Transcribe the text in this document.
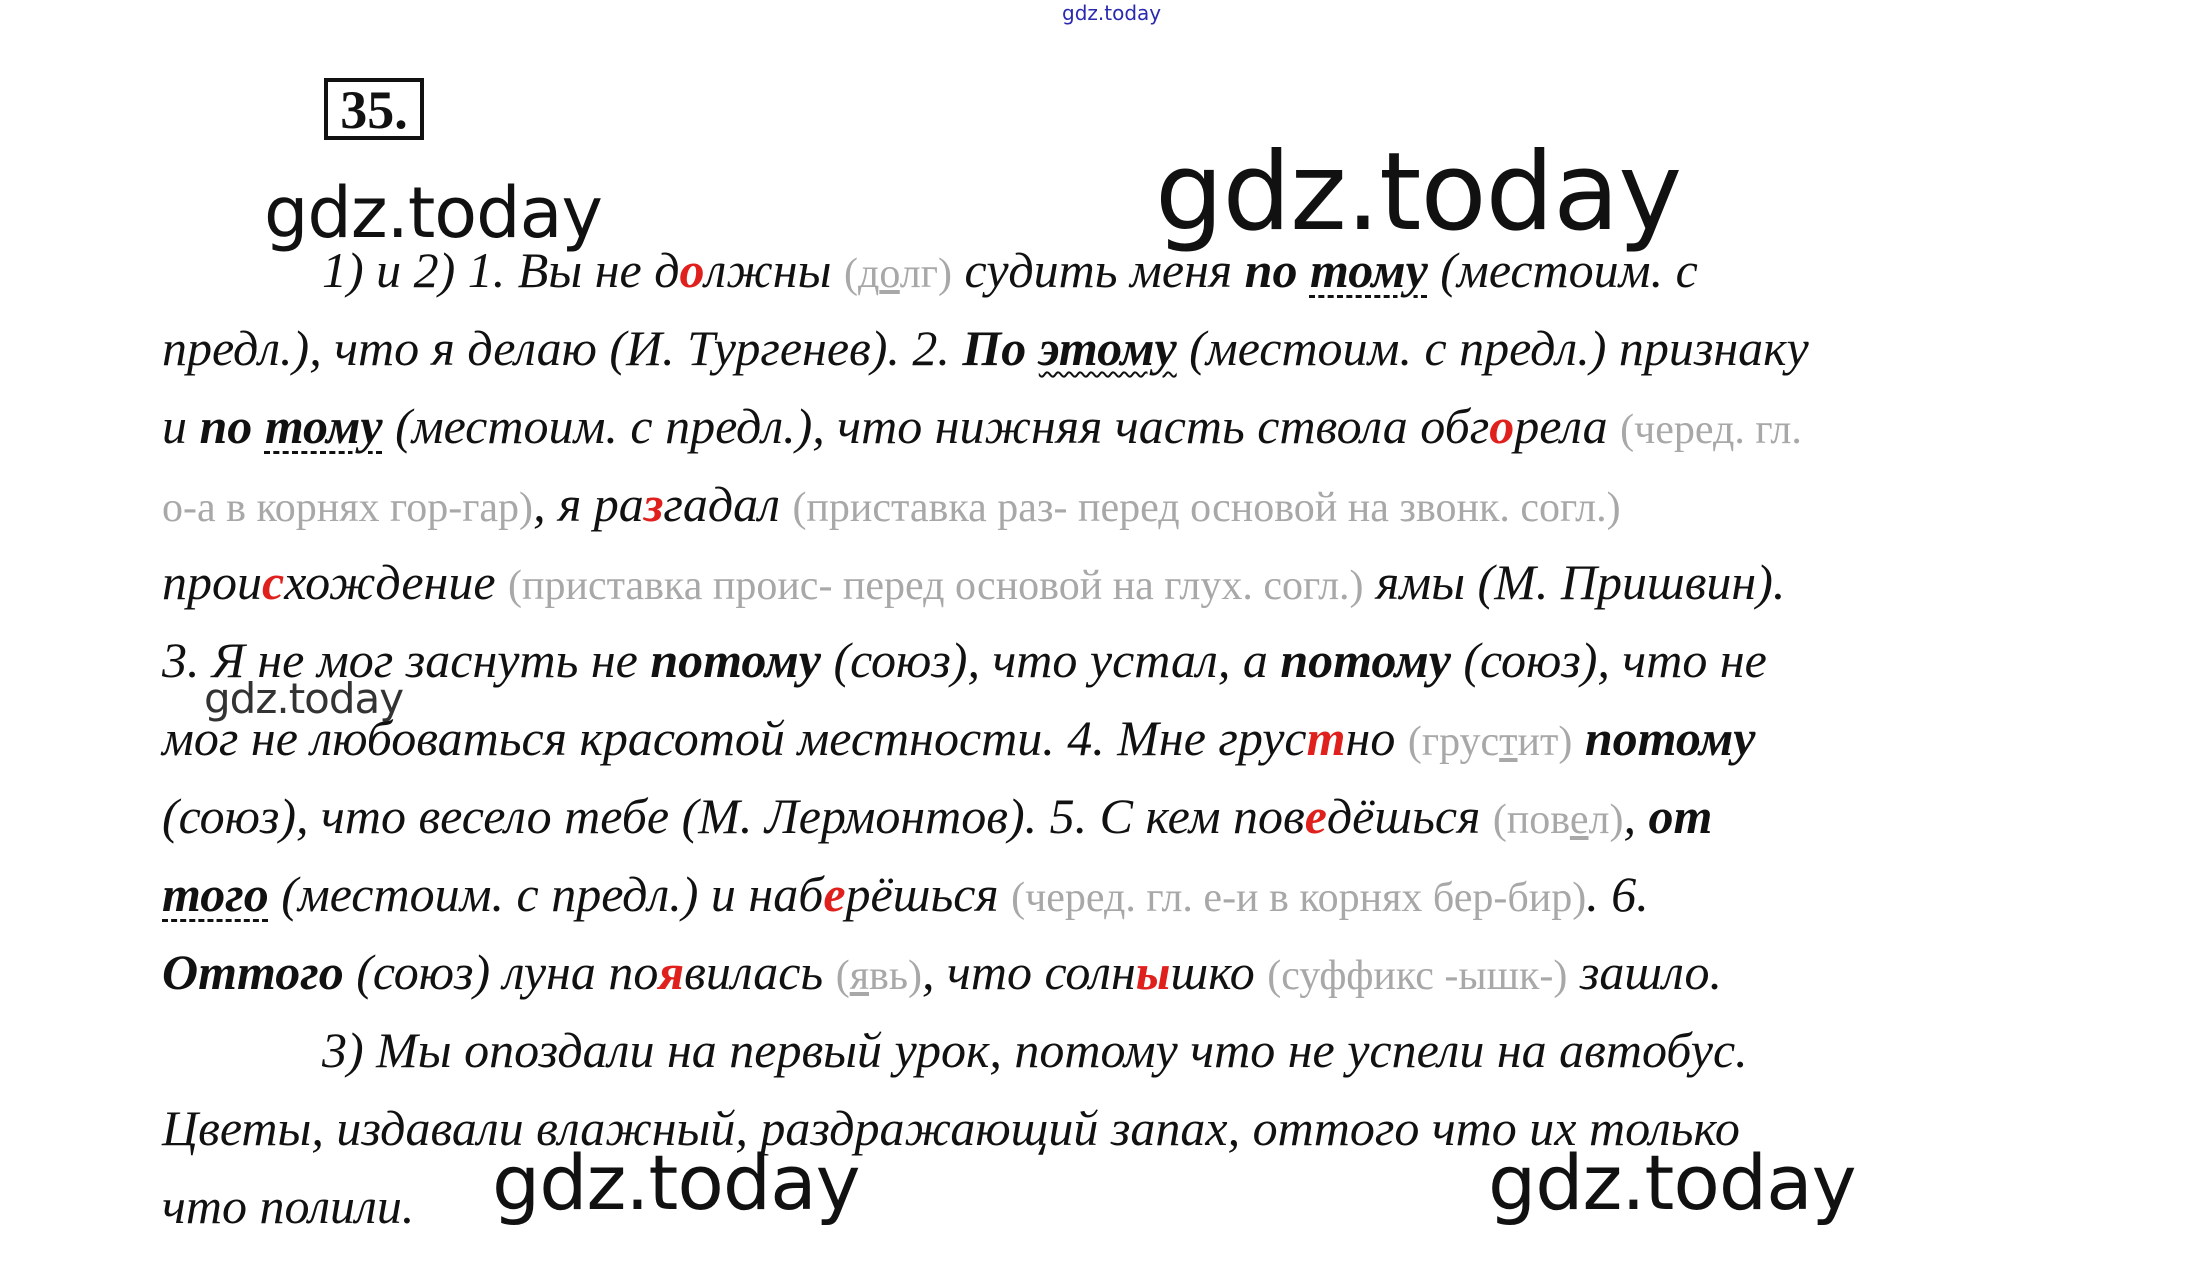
gdz.today
35.
gdz.today	gdz.today
1) и 2) 1. Вы не должны (долг) судить меня по тому (местоим. с
предл.), что я делаю (И. Тургенев). 2. По этому (местоим. с предл.) признаку
и по тому (местоим. с предл.), что нижняя часть ствола обгорела (черед. гл.
о-а в корнях гор-гар), я разгадал (приставка раз- перед основой на звонк. согл.)
происхождение (приставка проис- перед основой на глух. согл.) ямы (М. Пришвин).
3. Я не мог заснуть не потому (союз), что устал, а потому (союз), что не
gdz.today
мог не любоваться красотой местности. 4. Мне грустно (грустит) потому
(союз), что весело тебе (М. Лермонтов). 5. С кем поведёшься (повел), от
того (местоим. с предл.) и наберёшься (черед. гл. е-и в корнях бер-бир). 6.
Оттого (союз) луна появилась (явь), что солнышко (суффикс -ышк-) зашло.
3) Мы опоздали на первый урок, потому что не успели на автобус.
Цветы, издавали влажный, раздражающий запах, оттого что их только
что полили. gdz.today	gdz.today
